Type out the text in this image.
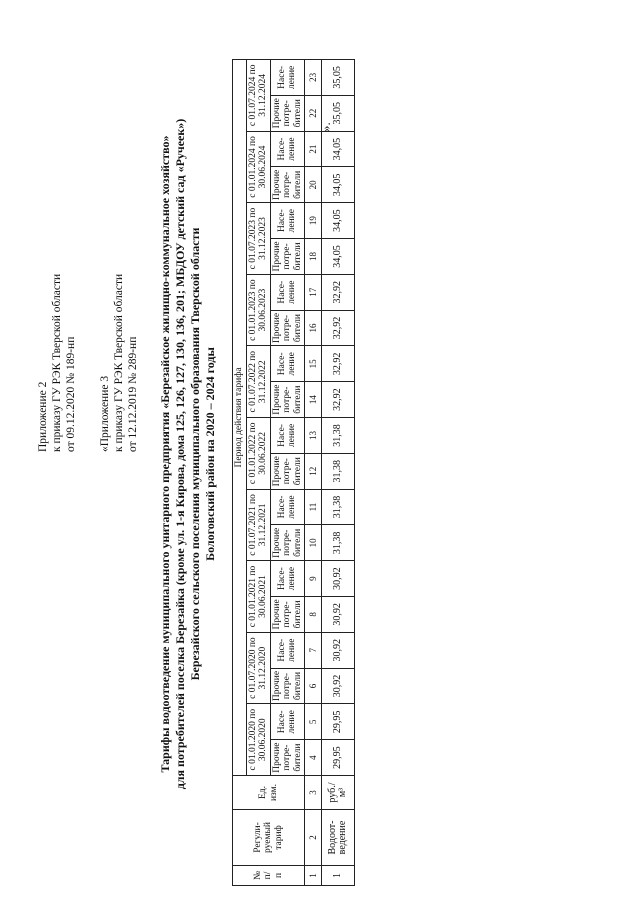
Приложение 2 к приказу ГУ РЭК Тверской области от 09.12.2020 № 189-нп «Приложение 3 к приказу ГУ РЭК Тверской области от 12.12.2019 № 289-нп Тарифы водоотведение муниципального унитарного предприятия «Березайское жилищно-коммунальное хозяйство» для потребителей поселка Березайка (кроме ул. 1-я Кирова, дома 125, 126, 127, 130, 136, 201; МБДОУ детский сад «Ручеек») Березайского сельского поселения муниципального образования Тверской области Бологовский район на 2020 – 2024 годы
№ п/ п	Регули-руемый тариф	Ед. изм.	Период действия тарифа																			
			с 01.01.2020 по 30.06.2020		с 01.07.2020 по 31.12.2020		с 01.01.2021 по 30.06.2021		с 01.07.2021 по 31.12.2021		с 01.01.2022 по 30.06.2022		с 01.07.2022 по 31.12.2022		с 01.01.2023 по 30.06.2023		с 01.07.2023 по 31.12.2023		с 01.01.2024 по 30.06.2024		с 01.07.2024 по 31.12.2024	
			Прочие потре-бители	Насе-ление	Прочие потре-бители	Насе-ление	Прочие потре-бители	Насе-ление	Прочие потре-бители	Насе-ление	Прочие потре-бители	Насе-ление	Прочие потре-бители	Насе-ление	Прочие потре-бители	Насе-ление	Прочие потре-бители	Насе-ление	Прочие потре-бители	Насе-ление	Прочие потре-бители	Насе-ление
1	2	3	4	5	6	7	8	9	10	11	12	13	14	15	16	17	18	19	20	21	22	23
1	Водоот-ведение	руб./м³	29,95	29,95	30,92	30,92	30,92	30,92	31,38	31,38	31,38	31,38	32,92	32,92	32,92	32,92	34,05	34,05	34,05	34,05	35,05	35,05
».
